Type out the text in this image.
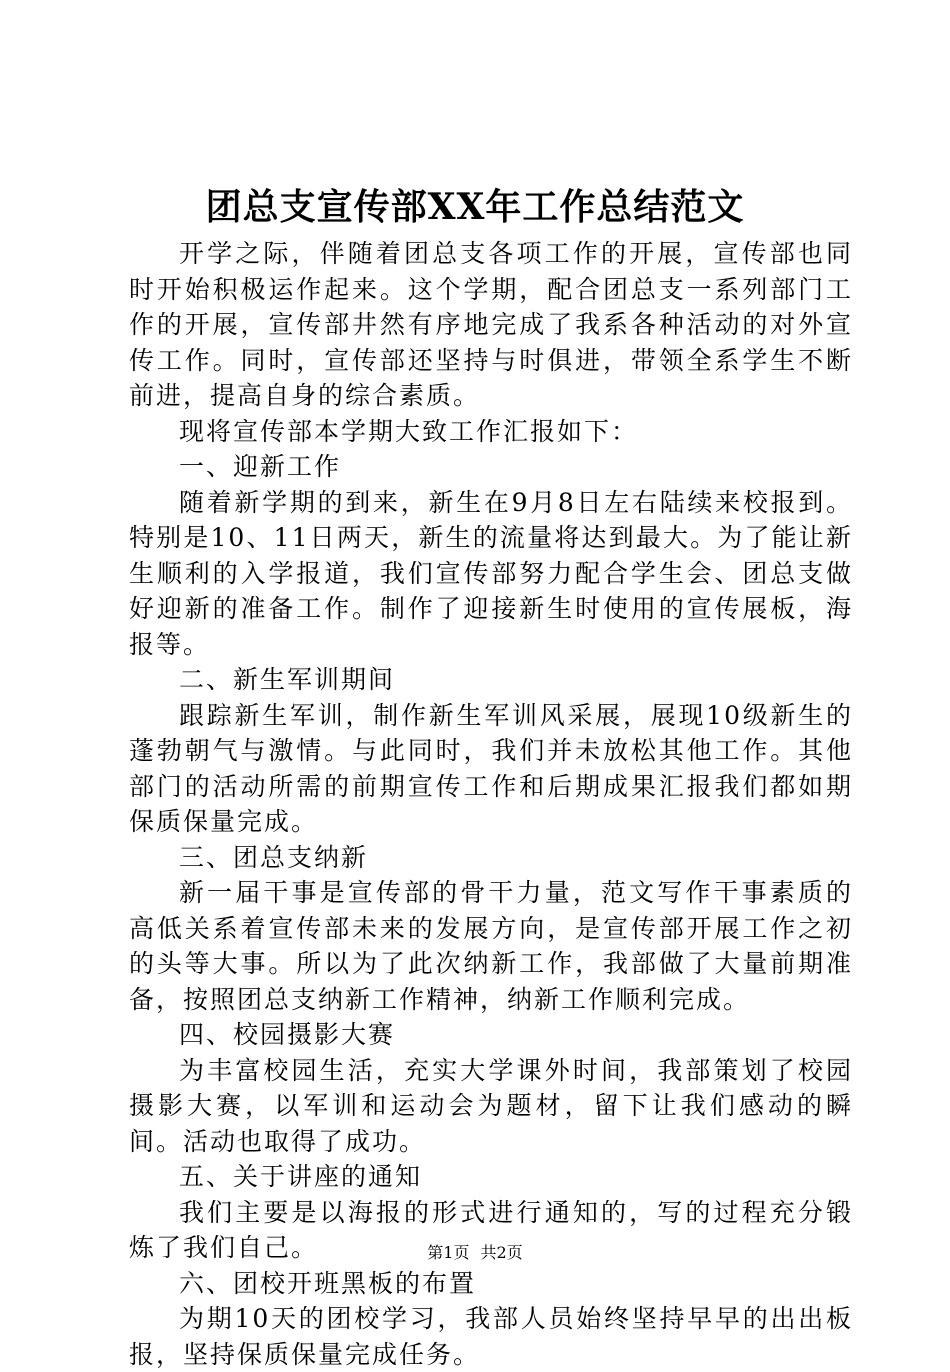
团总支宣传部XX年工作总结范文

开学之际，伴随着团总支各项工作的开展，宣传部也同时开始积极运作起来。这个学期，配合团总支一系列部门工作的开展，宣传部井然有序地完成了我系各种活动的对外宣传工作。同时，宣传部还坚持与时俱进，带领全系学生不断前进，提高自身的综合素质。

现将宣传部本学期大致工作汇报如下：

一、迎新工作

随着新学期的到来，新生在9月8日左右陆续来校报到。特别是10、11日两天，新生的流量将达到最大。为了能让新生顺利的入学报道，我们宣传部努力配合学生会、团总支做好迎新的准备工作。制作了迎接新生时使用的宣传展板，海报等。

二、新生军训期间

跟踪新生军训，制作新生军训风采展，展现10级新生的蓬勃朝气与激情。与此同时，我们并未放松其他工作。其他部门的活动所需的前期宣传工作和后期成果汇报我们都如期保质保量完成。

三、团总支纳新

新一届干事是宣传部的骨干力量，范文写作干事素质的高低关系着宣传部未来的发展方向，是宣传部开展工作之初的头等大事。所以为了此次纳新工作，我部做了大量前期准备，按照团总支纳新工作精神，纳新工作顺利完成。

四、校园摄影大赛

为丰富校园生活，充实大学课外时间，我部策划了校园摄影大赛，以军训和运动会为题材，留下让我们感动的瞬间。活动也取得了成功。

五、关于讲座的通知

我们主要是以海报的形式进行通知的，写的过程充分锻炼了我们自己。

六、团校开班黑板的布置

为期10天的团校学习，我部人员始终坚持早早的出出板报，坚持保质保量完成任务。

第1页 共2页
